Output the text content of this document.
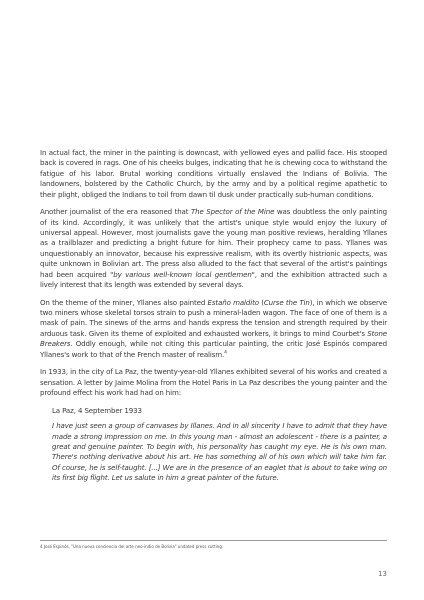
In actual fact, the miner in the painting is downcast, with yellowed eyes and pallid face. His stooped back is covered in rags. One of his cheeks bulges, indicating that he is chewing coca to withstand the fatigue of his labor. Brutal working conditions virtually enslaved the Indians of Bolivia. The landowners, bolstered by the Catholic Church, by the army and by a political regime apathetic to their plight, obliged the Indians to toil from dawn til dusk under practically sub-human conditions.

Another journalist of the era reasoned that The Spector of the Mine was doubtless the only painting of its kind. Accordingly, it was unlikely that the artist's unique style would enjoy the luxury of universal appeal. However, most journalists gave the young man positive reviews, heralding Yllanes as a trailblazer and predicting a bright future for him. Their prophecy came to pass. Yllanes was unquestionably an innovator, because his expressive realism, with its overtly histrionic aspects, was quite unknown in Bolivian art. The press also alluded to the fact that several of the artist's paintings had been acquired "by various well-known local gentlemen", and the exhibition attracted such a lively interest that its length was extended by several days.

On the theme of the miner, Yllanes also painted Estaño maldito (Curse the Tin), in which we observe two miners whose skeletal torsos strain to push a mineral-laden wagon. The face of one of them is a mask of pain. The sinews of the arms and hands express the tension and strength required by their arduous task. Given its theme of exploited and exhausted workers, it brings to mind Courbet's Stone Breakers. Oddly enough, while not citing this particular painting, the critic José Espinós compared Yllanes's work to that of the French master of realism.$^4$

In 1933, in the city of La Paz, the twenty-year-old Yllanes exhibited several of his works and created a sensation. A letter by Jaime Molina from the Hotel Paris in La Paz describes the young painter and the profound effect his work had had on him:

La Paz, 4 September 1933
I have just seen a group of canvases by Illanes. And in all sincerity I have to admit that they have made a strong impression on me. In this young man - almost an adolescent - there is a painter, a great and genuine painter. To begin with, his personality has caught my eye. He is his own man. There's nothing derivative about his art. He has something all of his own which will take him far. Of course, he is self-taught. [...] We are in the presence of an eaglet that is about to take wing on its first big flight. Let us salute in him a great painter of the future.
4 José Espinós, "Una nueva conciencia del arte neo-indio de Bolivia" undated press cutting.
13
